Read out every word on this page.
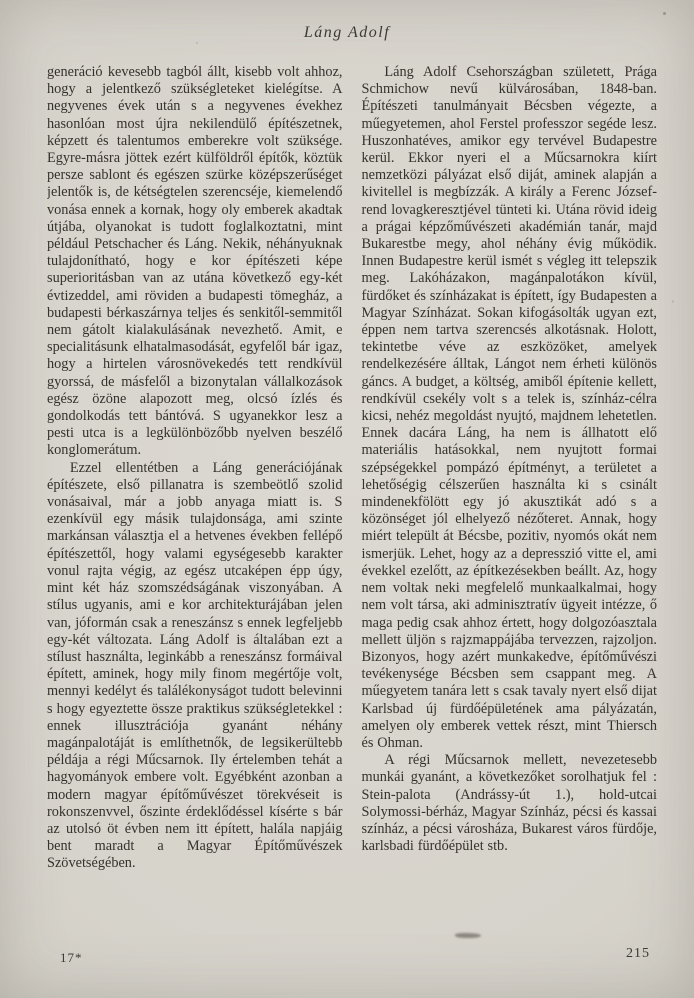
Láng Adolf

generáció kevesebb tagból állt, kisebb volt ahhoz, hogy a jelentkező szükségleteket kielégítse. A negyvenes évek után s a negyvenes évekhez hasonlóan most újra nekilendülő építészetnek, képzett és talentumos emberekre volt szüksége. Egyre-másra jöttek ezért külföldről építők, köztük persze sablont és egészen szürke középszerűséget jelentők is, de kétségtelen szerencséje, kiemelendő vonása ennek a kornak, hogy oly emberek akadtak útjába, olyanokat is tudott foglalkoztatni, mint például Petschacher és Láng. Nekik, néhányuknak tulajdonítható, hogy e kor építészeti képe superioritásban van az utána következő egy-két évtizeddel, ami röviden a budapesti tömegház, a budapesti bérkaszárnya teljes és senkitől-semmitől nem gátolt kialakulásának nevezhető. Amit, e specialitásunk elhatalmasodását, egyfelől bár igaz, hogy a hirtelen városnövekedés tett rendkívül gyorssá, de másfelől a bizonytalan vállalkozások egész özöne alapozott meg, olcsó ízlés és gondolkodás tett bántóvá. S ugyanekkor lesz a pesti utca is a legkülönbözőbb nyelven beszélő konglomerátum.

Ezzel ellentétben a Láng generációjának építészete, első pillanatra is szembeötlő szolid vonásaival, már a jobb anyaga miatt is. S ezenkívül egy másik tulajdonsága, ami szinte markánsan választja el a hetvenes években fellépő építészettől, hogy valami egységesebb karakter vonul rajta végig, az egész utcaképen épp úgy, mint két ház szomszédságának viszonyában. A stílus ugyanis, ami e kor architekturájában jelen van, jóformán csak a reneszánsz s ennek legfeljebb egy-két változata. Láng Adolf is általában ezt a stílust használta, leginkább a reneszánsz formáival épített, aminek, hogy mily finom megértője volt, mennyi kedélyt és találékonyságot tudott belevinni s hogy egyeztette össze praktikus szükségletekkel : ennek illusztrációja gyanánt néhány magánpalotáját is említhetnők, de legsikerültebb példája a régi Műcsarnok. Ily értelemben tehát a hagyományok embere volt. Egyébként azonban a modern magyar építőművészet törekvéseit is rokonszenvvel, őszinte érdeklődéssel kísérte s bár az utolsó öt évben nem itt épített, halála napjáig bent maradt a Magyar Építőművészek Szövetségében.

Láng Adolf Csehországban született, Prága Schmichow nevű külvárosában, 1848-ban. Építészeti tanulmányait Bécsben végezte, a műegyetemen, ahol Ferstel professzor segéde lesz. Huszonhatéves, amikor egy tervével Budapestre kerül. Ekkor nyeri el a Műcsarnokra kiírt nemzetközi pályázat első diját, aminek alapján a kivitellel is megbízzák. A király a Ferenc József-rend lovagkeresztjével tünteti ki. Utána rövid ideig a prágai képzőművészeti akadémián tanár, majd Bukarestbe megy, ahol néhány évig működik. Innen Budapestre kerül ismét s végleg itt telepszik meg. Lakóházakon, magánpalotákon kívül, fürdőket és színházakat is épített, így Budapesten a Magyar Színházat. Sokan kifogásolták ugyan ezt, éppen nem tartva szerencsés alkotásnak. Holott, tekintetbe véve az eszközöket, amelyek rendelkezésére álltak, Lángot nem érheti különös gáncs. A budget, a költség, amiből építenie kellett, rendkívül csekély volt s a telek is, színház-célra kicsi, nehéz megoldást nyujtó, majdnem lehetetlen. Ennek dacára Láng, ha nem is állhatott elő materiális hatásokkal, nem nyujtott formai szépségekkel pompázó építményt, a területet a lehetőségig célszerűen használta ki s csinált mindenekfölött egy jó akusztikát adó s a közönséget jól elhelyező nézőteret. Annak, hogy miért települt át Bécsbe, pozitiv, nyomós okát nem ismerjük. Lehet, hogy az a depresszió vitte el, ami évekkel ezelőtt, az építkezésekben beállt. Az, hogy nem voltak neki megfelelő munkaalkalmai, hogy nem volt társa, aki adminisztratív ügyeit intézze, ő maga pedig csak ahhoz értett, hogy dolgozóasztala mellett üljön s rajzmappájába tervezzen, rajzoljon. Bizonyos, hogy azért munkakedve, építőművészi tevékenysége Bécsben sem csappant meg. A műegyetem tanára lett s csak tavaly nyert első dijat Karlsbad új fürdőépületének ama pályázatán, amelyen oly emberek vettek részt, mint Thiersch és Ohman.

A régi Műcsarnok mellett, nevezetesebb munkái gyanánt, a következőket sorolhatjuk fel : Stein-palota (Andrássy-út 1.), hold-utcai Solymossi-bérház, Magyar Színház, pécsi és kassai színház, a pécsi városháza, Bukarest város fürdője, karlsbadi fürdőépület stb.

17*	215
